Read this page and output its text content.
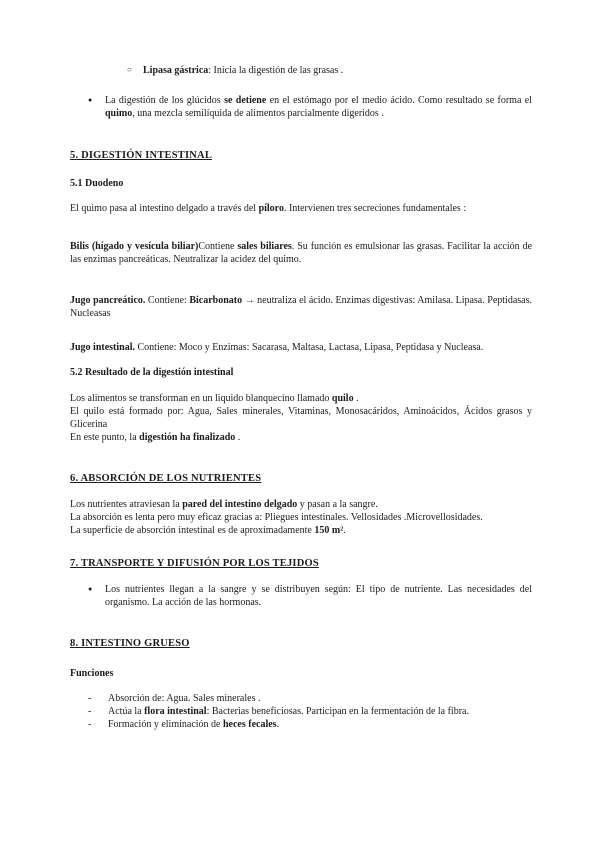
○	Lipasa gástrica: Inicia la digestión de las grasas .
●	La digestión de los glúcidos se detiene en el estómago por el medio ácido. Como resultado se forma el quimo, una mezcla semilíquida de alimentos parcialmente digeridos .
5. DIGESTIÓN INTESTINAL
5.1 Duodeno
El quimo pasa al intestino delgado a través del píloro. Intervienen tres secreciones fundamentales :
Bilis (hígado y vesícula biliar)Contiene sales biliares. Su función es emulsionar las grasas. Facilitar la acción de las enzimas pancreáticas. Neutralizar la acidez del quimo.
Jugo pancreático. Contiene: Bicarbonato → neutraliza el ácido. Enzimas digestivas: Amilasa. Lipasa. Peptidasas. Nucleasas
Jugo intestinal. Contiene: Moco y Enzimas: Sacarasa, Maltasa, Lactasa, Lipasa, Peptidasa y Nucleasa.
5.2 Resultado de la digestión intestinal
Los alimentos se transforman en un liquido blanquecino llamado quilo .
El quilo está formado por: Agua, Sales minerales, Vitaminas, Monosacáridos, Aminoácidos, Ácidos grasos y Glicerina
En este punto, la digestión ha finalizado .
6. ABSORCIÓN DE LOS NUTRIENTES
Los nutrientes atraviesan la pared del intestino delgado y pasan a la sangre.
La absorción es lenta pero muy eficaz gracias a: Pliegues intestinales. Vellosidades .Microvellosidades.
La superficie de absorción intestinal es de aproximadamente 150 m².
7. TRANSPORTE Y DIFUSIÓN POR LOS TEJIDOS
●	Los nutrientes llegan a la sangre y se distribuyen según: El tipo de nutriente. Las necesidades del organismo. La acción de las hormonas.
8. INTESTINO GRUESO
Funciones
-	Absorción de: Agua. Sales minerales .
-	Actúa la flora intestinal: Bacterias beneficiosas. Participan en la fermentación de la fibra.
-	Formación y eliminación de heces fecales.
